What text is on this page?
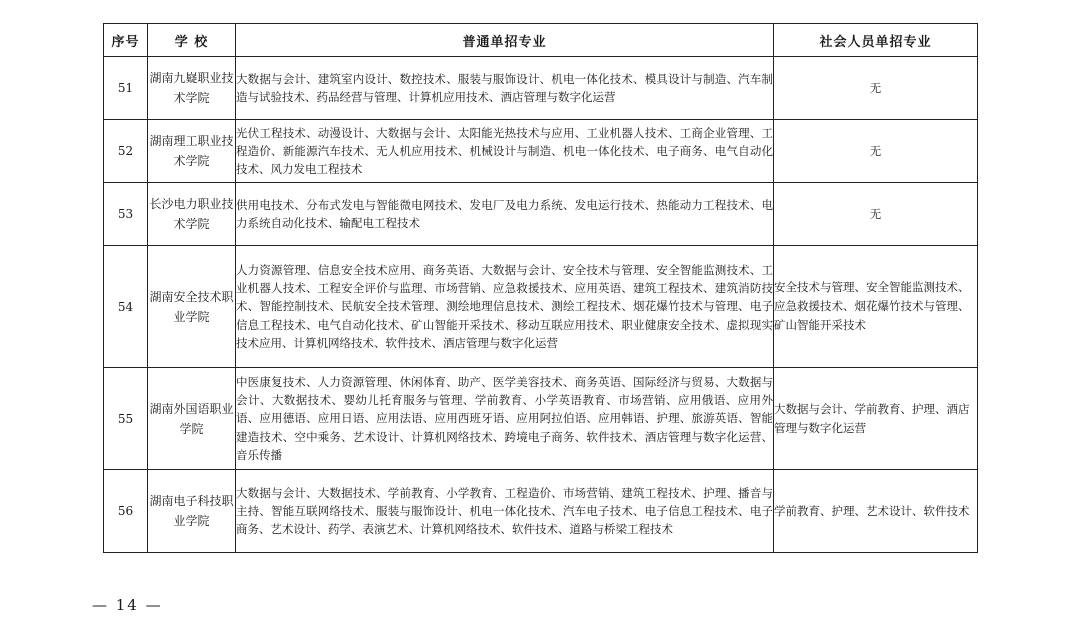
序号	学 校	普通单招专业	社会人员单招专业
51	湖南九嶷职业技术学院	大数据与会计、建筑室内设计、数控技术、服装与服饰设计、机电一体化技术、模具设计与制造、汽车制造与试验技术、药品经营与管理、计算机应用技术、酒店管理与数字化运营	无
52	湖南理工职业技术学院	光伏工程技术、动漫设计、大数据与会计、太阳能光热技术与应用、工业机器人技术、工商企业管理、工程造价、新能源汽车技术、无人机应用技术、机械设计与制造、机电一体化技术、电子商务、电气自动化技术、风力发电工程技术	无
53	长沙电力职业技术学院	供用电技术、分布式发电与智能微电网技术、发电厂及电力系统、发电运行技术、热能动力工程技术、电力系统自动化技术、输配电工程技术	无
54	湖南安全技术职业学院	人力资源管理、信息安全技术应用、商务英语、大数据与会计、安全技术与管理、安全智能监测技术、工业机器人技术、工程安全评价与监理、市场营销、应急救援技术、应用英语、建筑工程技术、建筑消防技术、智能控制技术、民航安全技术管理、测绘地理信息技术、测绘工程技术、烟花爆竹技术与管理、电子信息工程技术、电气自动化技术、矿山智能开采技术、移动互联应用技术、职业健康安全技术、虚拟现实技术应用、计算机网络技术、软件技术、酒店管理与数字化运营	安全技术与管理、安全智能监测技术、应急救援技术、烟花爆竹技术与管理、矿山智能开采技术
55	湖南外国语职业学院	中医康复技术、人力资源管理、休闲体育、助产、医学美容技术、商务英语、国际经济与贸易、大数据与会计、大数据技术、婴幼儿托育服务与管理、学前教育、小学英语教育、市场营销、应用俄语、应用外语、应用德语、应用日语、应用法语、应用西班牙语、应用阿拉伯语、应用韩语、护理、旅游英语、智能建造技术、空中乘务、艺术设计、计算机网络技术、跨境电子商务、软件技术、酒店管理与数字化运营、音乐传播	大数据与会计、学前教育、护理、酒店管理与数字化运营
56	湖南电子科技职业学院	大数据与会计、大数据技术、学前教育、小学教育、工程造价、市场营销、建筑工程技术、护理、播音与主持、智能互联网络技术、服装与服饰设计、机电一体化技术、汽车电子技术、电子信息工程技术、电子商务、艺术设计、药学、表演艺术、计算机网络技术、软件技术、道路与桥梁工程技术	学前教育、护理、艺术设计、软件技术
— 14 —
